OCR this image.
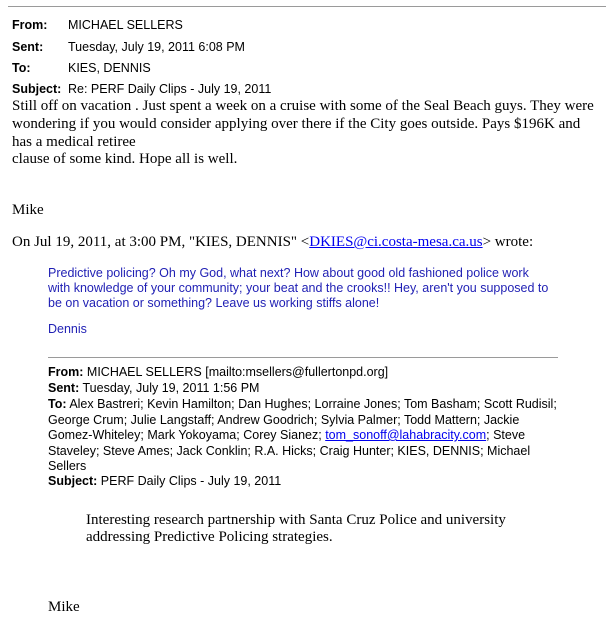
From: MICHAEL SELLERS
Sent: Tuesday, July 19, 2011 6:08 PM
To:	KIES, DENNIS
Subject: Re: PERF Daily Clips - July 19, 2011
Still off on vacation . Just spent a week on a cruise with some of the Seal Beach guys. They were
wondering if you would consider applying over there if the City goes outside. Pays $196K and
has a medical retiree
clause of some kind. Hope all is well.
Mike
On Jul 19, 2011, at 3:00 PM, "KIES, DENNIS" <DKIES@ci.costa-mesa.ca.us> wrote:
Predictive policing? Oh my God, what next? How about good old fashioned police work
with knowledge of your community; your beat and the crooks!! Hey, aren't you supposed to
be on vacation or something? Leave us working stiffs alone!
Dennis
From: MICHAEL SELLERS [mailto:msellers@fullertonpd.org]
Sent: Tuesday, July 19, 2011 1:56 PM
To: Alex Bastreri; Kevin Hamilton; Dan Hughes; Lorraine Jones; Tom Basham; Scott Rudisil;
George Crum; Julie Langstaff; Andrew Goodrich; Sylvia Palmer; Todd Mattern; Jackie
Gomez-Whiteley; Mark Yokoyama; Corey Sianez; tom_sonoff@lahabracity.com; Steve
Staveley; Steve Ames; Jack Conklin; R.A. Hicks; Craig Hunter; KIES, DENNIS; Michael
Sellers
Subject: PERF Daily Clips - July 19, 2011
Interesting research partnership with Santa Cruz Police and university
addressing Predictive Policing strategies.
Mike
